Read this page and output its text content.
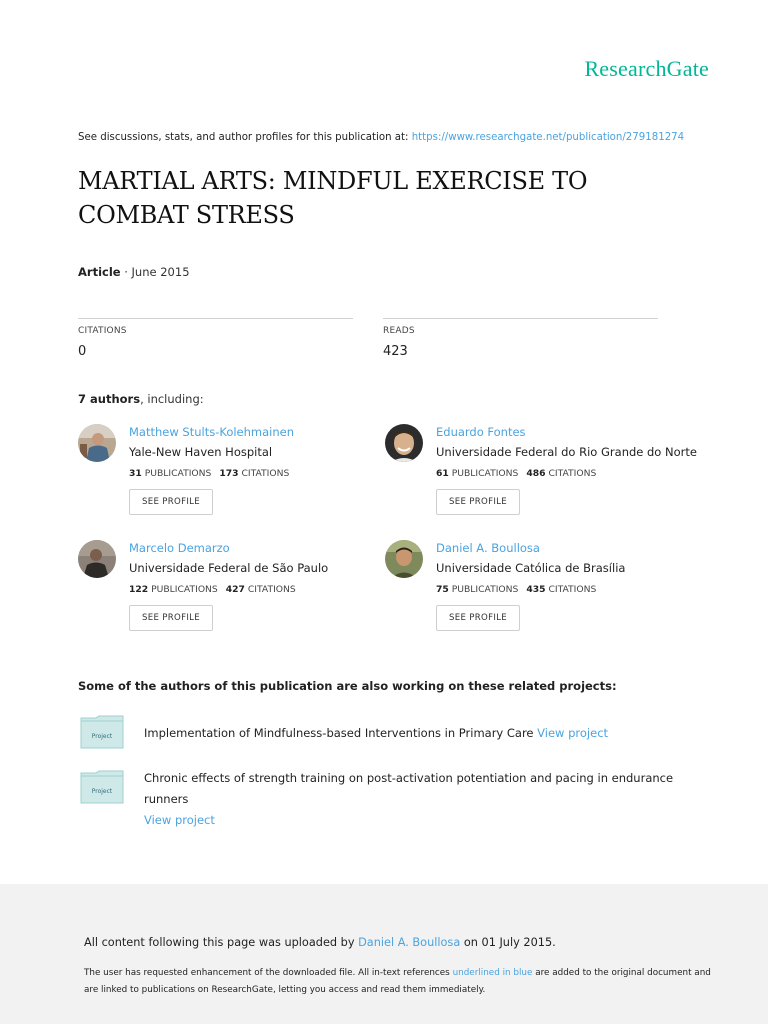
ResearchGate
See discussions, stats, and author profiles for this publication at: https://www.researchgate.net/publication/279181274
MARTIAL ARTS: MINDFUL EXERCISE TO COMBAT STRESS
Article · June 2015
CITATIONS
0
READS
423
7 authors, including:
Matthew Stults-Kolehmainen
Yale-New Haven Hospital
31 PUBLICATIONS 173 CITATIONS
SEE PROFILE
Eduardo Fontes
Universidade Federal do Rio Grande do Norte
61 PUBLICATIONS 486 CITATIONS
SEE PROFILE
Marcelo Demarzo
Universidade Federal de São Paulo
122 PUBLICATIONS 427 CITATIONS
SEE PROFILE
Daniel A. Boullosa
Universidade Católica de Brasília
75 PUBLICATIONS 435 CITATIONS
SEE PROFILE
Some of the authors of this publication are also working on these related projects:
Project	Implementation of Mindfulness-based Interventions in Primary Care View project
Project
Chronic effects of strength training on post-activation potentiation and pacing in endurance runners
View project
All content following this page was uploaded by Daniel A. Boullosa on 01 July 2015.
The user has requested enhancement of the downloaded file. All in-text references underlined in blue are added to the original document and are linked to publications on ResearchGate, letting you access and read them immediately.
